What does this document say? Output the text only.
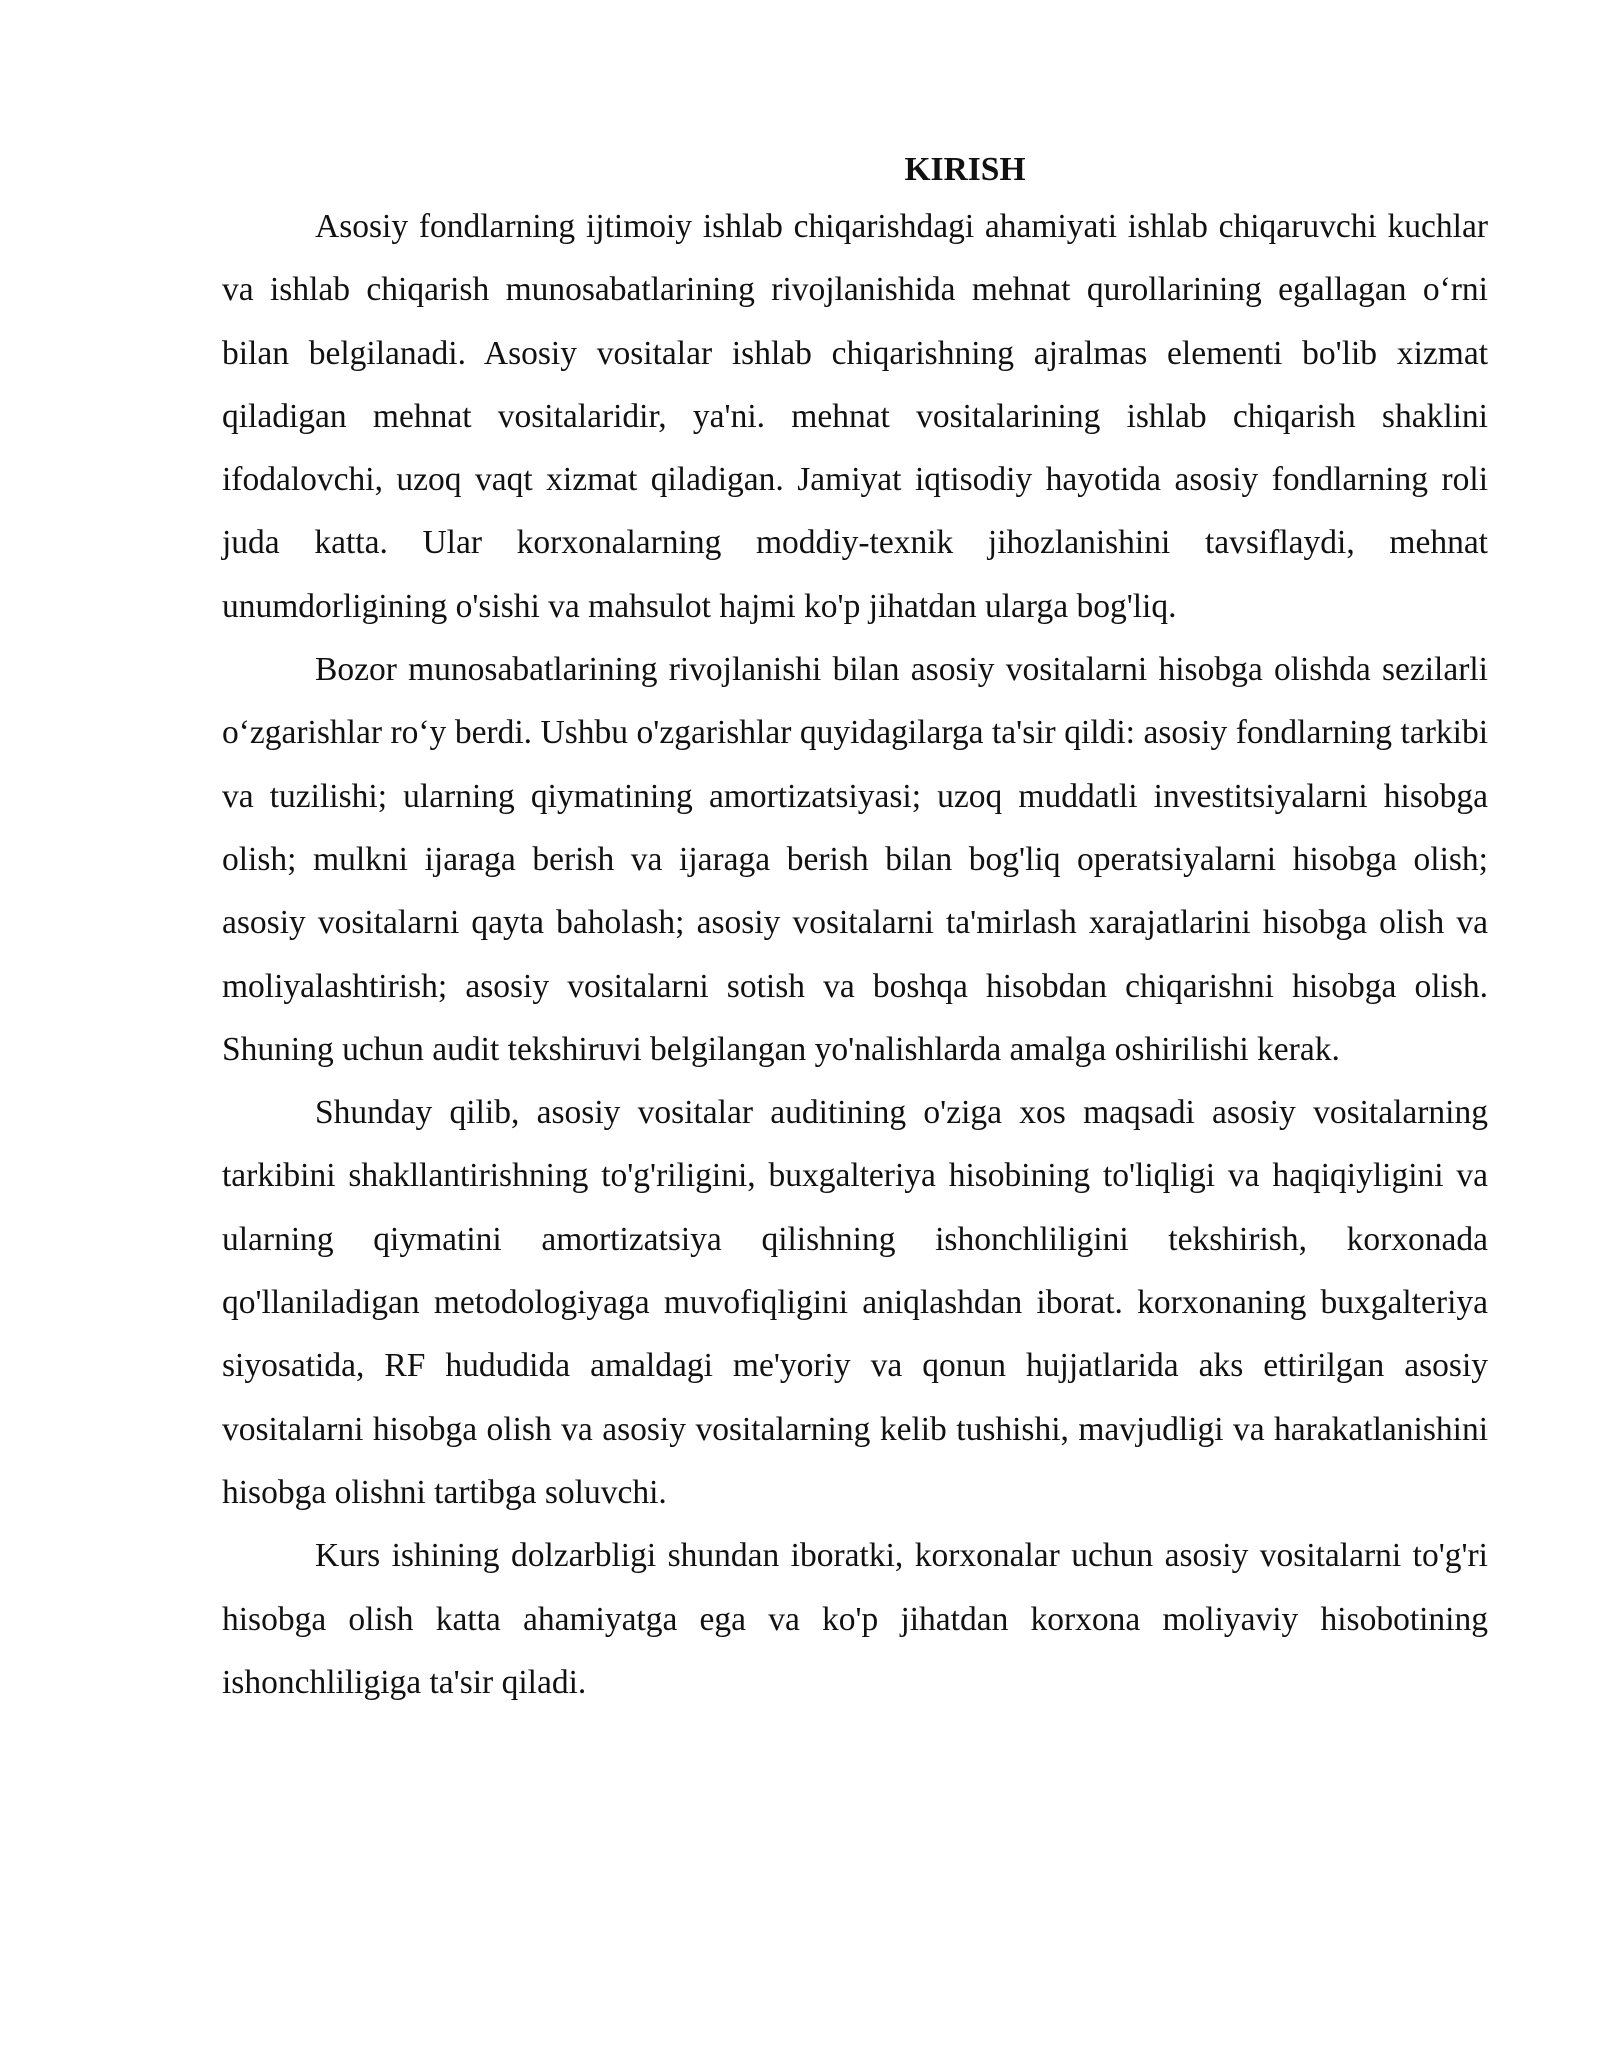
KIRISH

Asosiy fondlarning ijtimoiy ishlab chiqarishdagi ahamiyati ishlab chiqaruvchi kuchlar va ishlab chiqarish munosabatlarining rivojlanishida mehnat qurollarining egallagan oʻrni bilan belgilanadi. Asosiy vositalar ishlab chiqarishning ajralmas elementi bo'lib xizmat qiladigan mehnat vositalaridir, ya'ni. mehnat vositalarining ishlab chiqarish shaklini ifodalovchi, uzoq vaqt xizmat qiladigan. Jamiyat iqtisodiy hayotida asosiy fondlarning roli juda katta. Ular korxonalarning moddiy-texnik jihozlanishini tavsiflaydi, mehnat unumdorligining o'sishi va mahsulot hajmi ko'p jihatdan ularga bog'liq.

Bozor munosabatlarining rivojlanishi bilan asosiy vositalarni hisobga olishda sezilarli oʻzgarishlar roʻy berdi. Ushbu o'zgarishlar quyidagilarga ta'sir qildi: asosiy fondlarning tarkibi va tuzilishi; ularning qiymatining amortizatsiyasi; uzoq muddatli investitsiyalarni hisobga olish; mulkni ijaraga berish va ijaraga berish bilan bog'liq operatsiyalarni hisobga olish; asosiy vositalarni qayta baholash; asosiy vositalarni ta'mirlash xarajatlarini hisobga olish va moliyalashtirish; asosiy vositalarni sotish va boshqa hisobdan chiqarishni hisobga olish. Shuning uchun audit tekshiruvi belgilangan yo'nalishlarda amalga oshirilishi kerak.

Shunday qilib, asosiy vositalar auditining o'ziga xos maqsadi asosiy vositalarning tarkibini shakllantirishning to'g'riligini, buxgalteriya hisobining to'liqligi va haqiqiyligini va ularning qiymatini amortizatsiya qilishning ishonchliligini tekshirish, korxonada qo'llaniladigan metodologiyaga muvofiqligini aniqlashdan iborat. korxonaning buxgalteriya siyosatida, RF hududida amaldagi me'yoriy va qonun hujjatlarida aks ettirilgan asosiy vositalarni hisobga olish va asosiy vositalarning kelib tushishi, mavjudligi va harakatlanishini hisobga olishni tartibga soluvchi.

Kurs ishining dolzarbligi shundan iboratki, korxonalar uchun asosiy vositalarni to'g'ri hisobga olish katta ahamiyatga ega va ko'p jihatdan korxona moliyaviy hisobotining ishonchliligiga ta'sir qiladi.
